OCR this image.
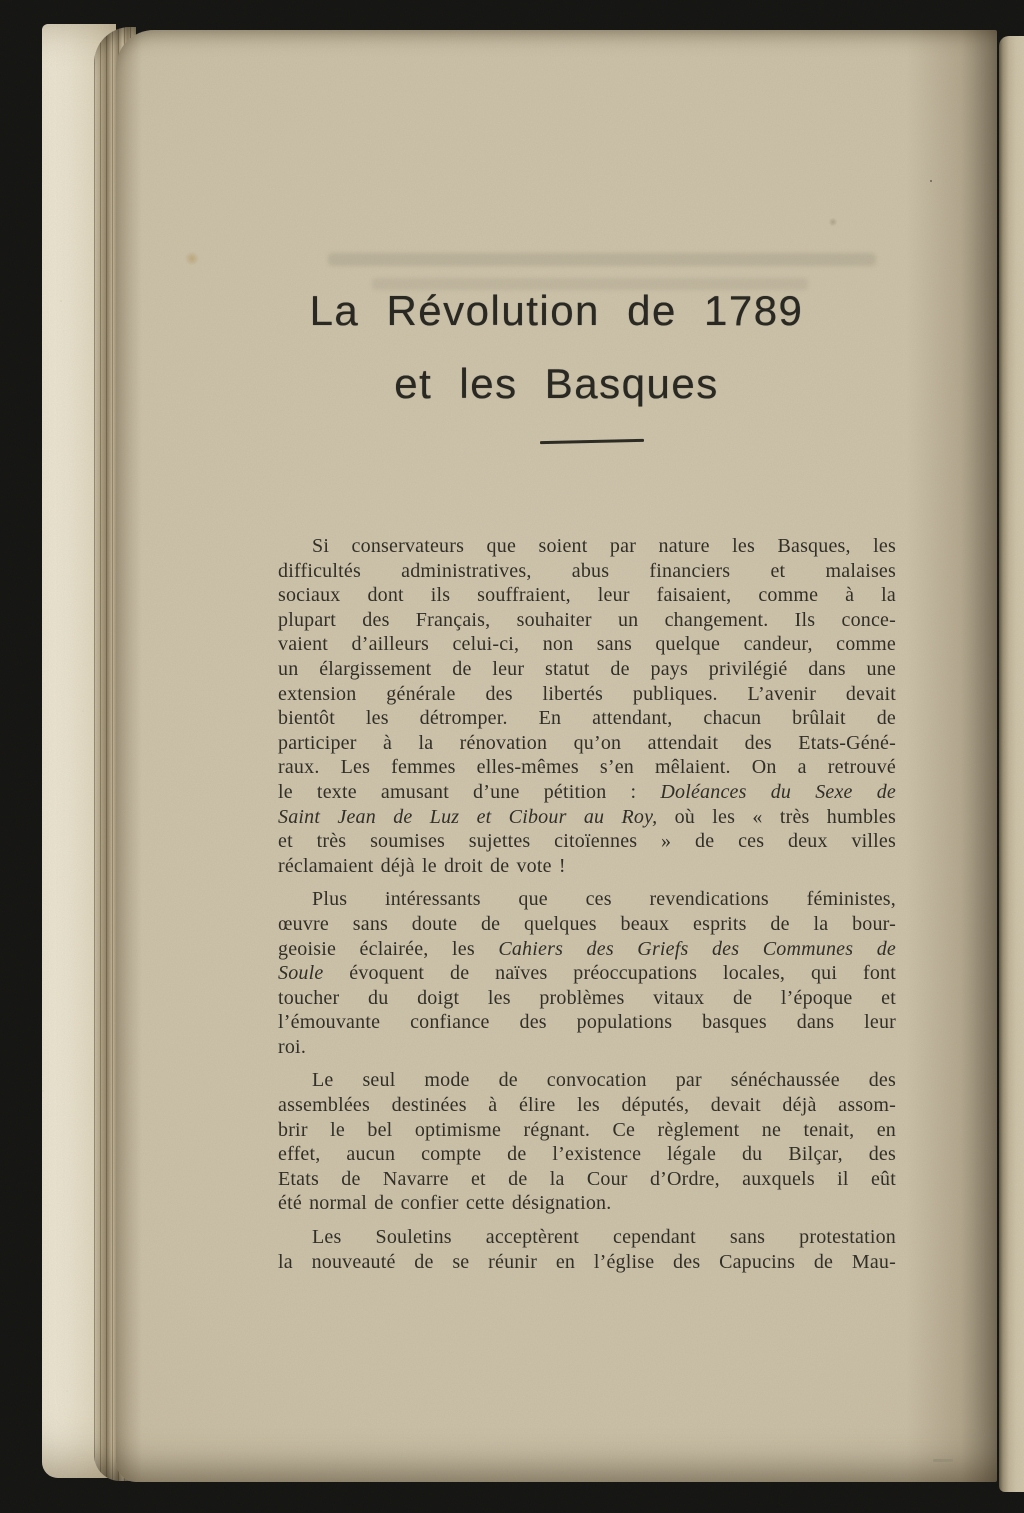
La Révolution de 1789
et les Basques
Si conservateurs que soient par nature les Basques, les
difficultés administratives, abus financiers et malaises
sociaux dont ils souffraient, leur faisaient, comme à la
plupart des Français, souhaiter un changement. Ils conce-
vaient d’ailleurs celui-ci, non sans quelque candeur, comme
un élargissement de leur statut de pays privilégié dans une
extension générale des libertés publiques. L’avenir devait
bientôt les détromper. En attendant, chacun brûlait de
participer à la rénovation qu’on attendait des Etats-Géné-
raux. Les femmes elles-mêmes s’en mêlaient. On a retrouvé
le texte amusant d’une pétition : Doléances du Sexe de
Saint Jean de Luz et Cibour au Roy, où les « très humbles
et très soumises sujettes citoïennes » de ces deux villes
réclamaient déjà le droit de vote !
Plus intéressants que ces revendications féministes,
œuvre sans doute de quelques beaux esprits de la bour-
geoisie éclairée, les Cahiers des Griefs des Communes de
Soule évoquent de naïves préoccupations locales, qui font
toucher du doigt les problèmes vitaux de l’époque et
l’émouvante confiance des populations basques dans leur
roi.
Le seul mode de convocation par sénéchaussée des
assemblées destinées à élire les députés, devait déjà assom-
brir le bel optimisme régnant. Ce règlement ne tenait, en
effet, aucun compte de l’existence légale du Bilçar, des
Etats de Navarre et de la Cour d’Ordre, auxquels il eût
été normal de confier cette désignation.
Les Souletins acceptèrent cependant sans protestation
la nouveauté de se réunir en l’église des Capucins de Mau-
